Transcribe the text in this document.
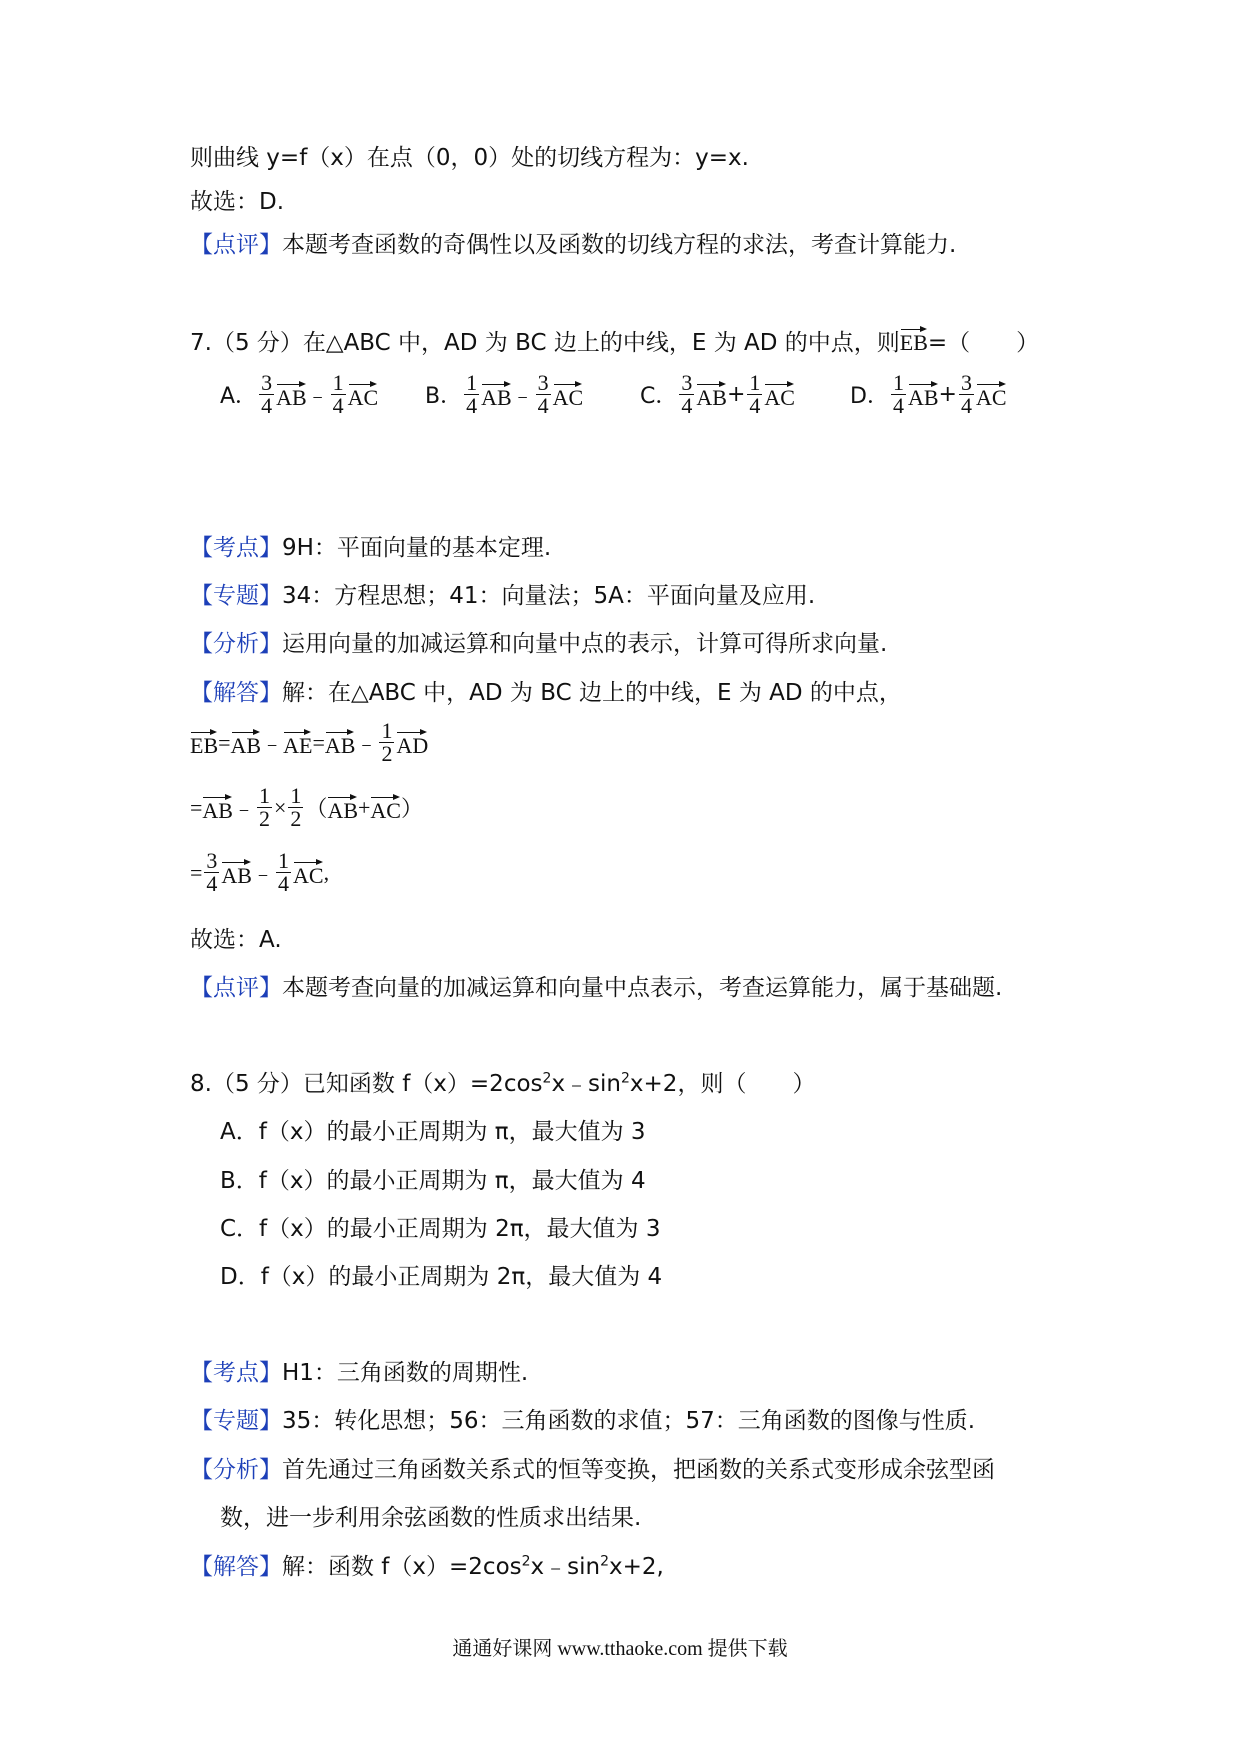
则曲线 y=f（x）在点（0，0）处的切线方程为：y=x.
故选：D.
【点评】本题考查函数的奇偶性以及函数的切线方程的求法，考查计算能力.
7.（5 分）在△ABC 中，AD 为 BC 边上的中线，E 为 AD 的中点，则EB=（　　）
A． $\frac{3}{4}$ AB ﹣ $\frac{1}{4}$ AC B． $\frac{1}{4}$ AB ﹣ $\frac{3}{4}$ AC	C． $\frac{3}{4}$ AB + $\frac{1}{4}$ AC	D． $\frac{1}{4}$ AB + $\frac{3}{4}$ AC
【考点】9H：平面向量的基本定理.
【专题】34：方程思想；41：向量法；5A：平面向量及应用.
【分析】运用向量的加减运算和向量中点的表示，计算可得所求向量.
【解答】解：在△ABC 中，AD 为 BC 边上的中线，E 为 AD 的中点，
EB = AB ﹣ AE = AB ﹣ $\frac{1}{2}$ AD
= AB ﹣ $\frac{1}{2} \times \frac{1}{2}$ （ AB + AC ）
= $\frac{3}{4}$ AB ﹣ $\frac{1}{4}$ AC ,
故选：A.
【点评】本题考查向量的加减运算和向量中点表示，考查运算能力，属于基础题.
8.（5 分）已知函数 $f(x)=2\cos^2x﹣\sin^2x+2$，则（　　）
A．f（x）的最小正周期为 π，最大值为 3
B．f（x）的最小正周期为 π，最大值为 4
C．f（x）的最小正周期为 2π，最大值为 3
D．f（x）的最小正周期为 2π，最大值为 4
【考点】H1：三角函数的周期性.
【专题】35：转化思想；56：三角函数的求值；57：三角函数的图像与性质.
【分析】首先通过三角函数关系式的恒等变换，把函数的关系式变形成余弦型函
数，进一步利用余弦函数的性质求出结果.
【解答】解：函数 $f(x)=2\cos^2x﹣\sin^2x+2$,
通通好课网 www.tthaoke.com 提供下载
